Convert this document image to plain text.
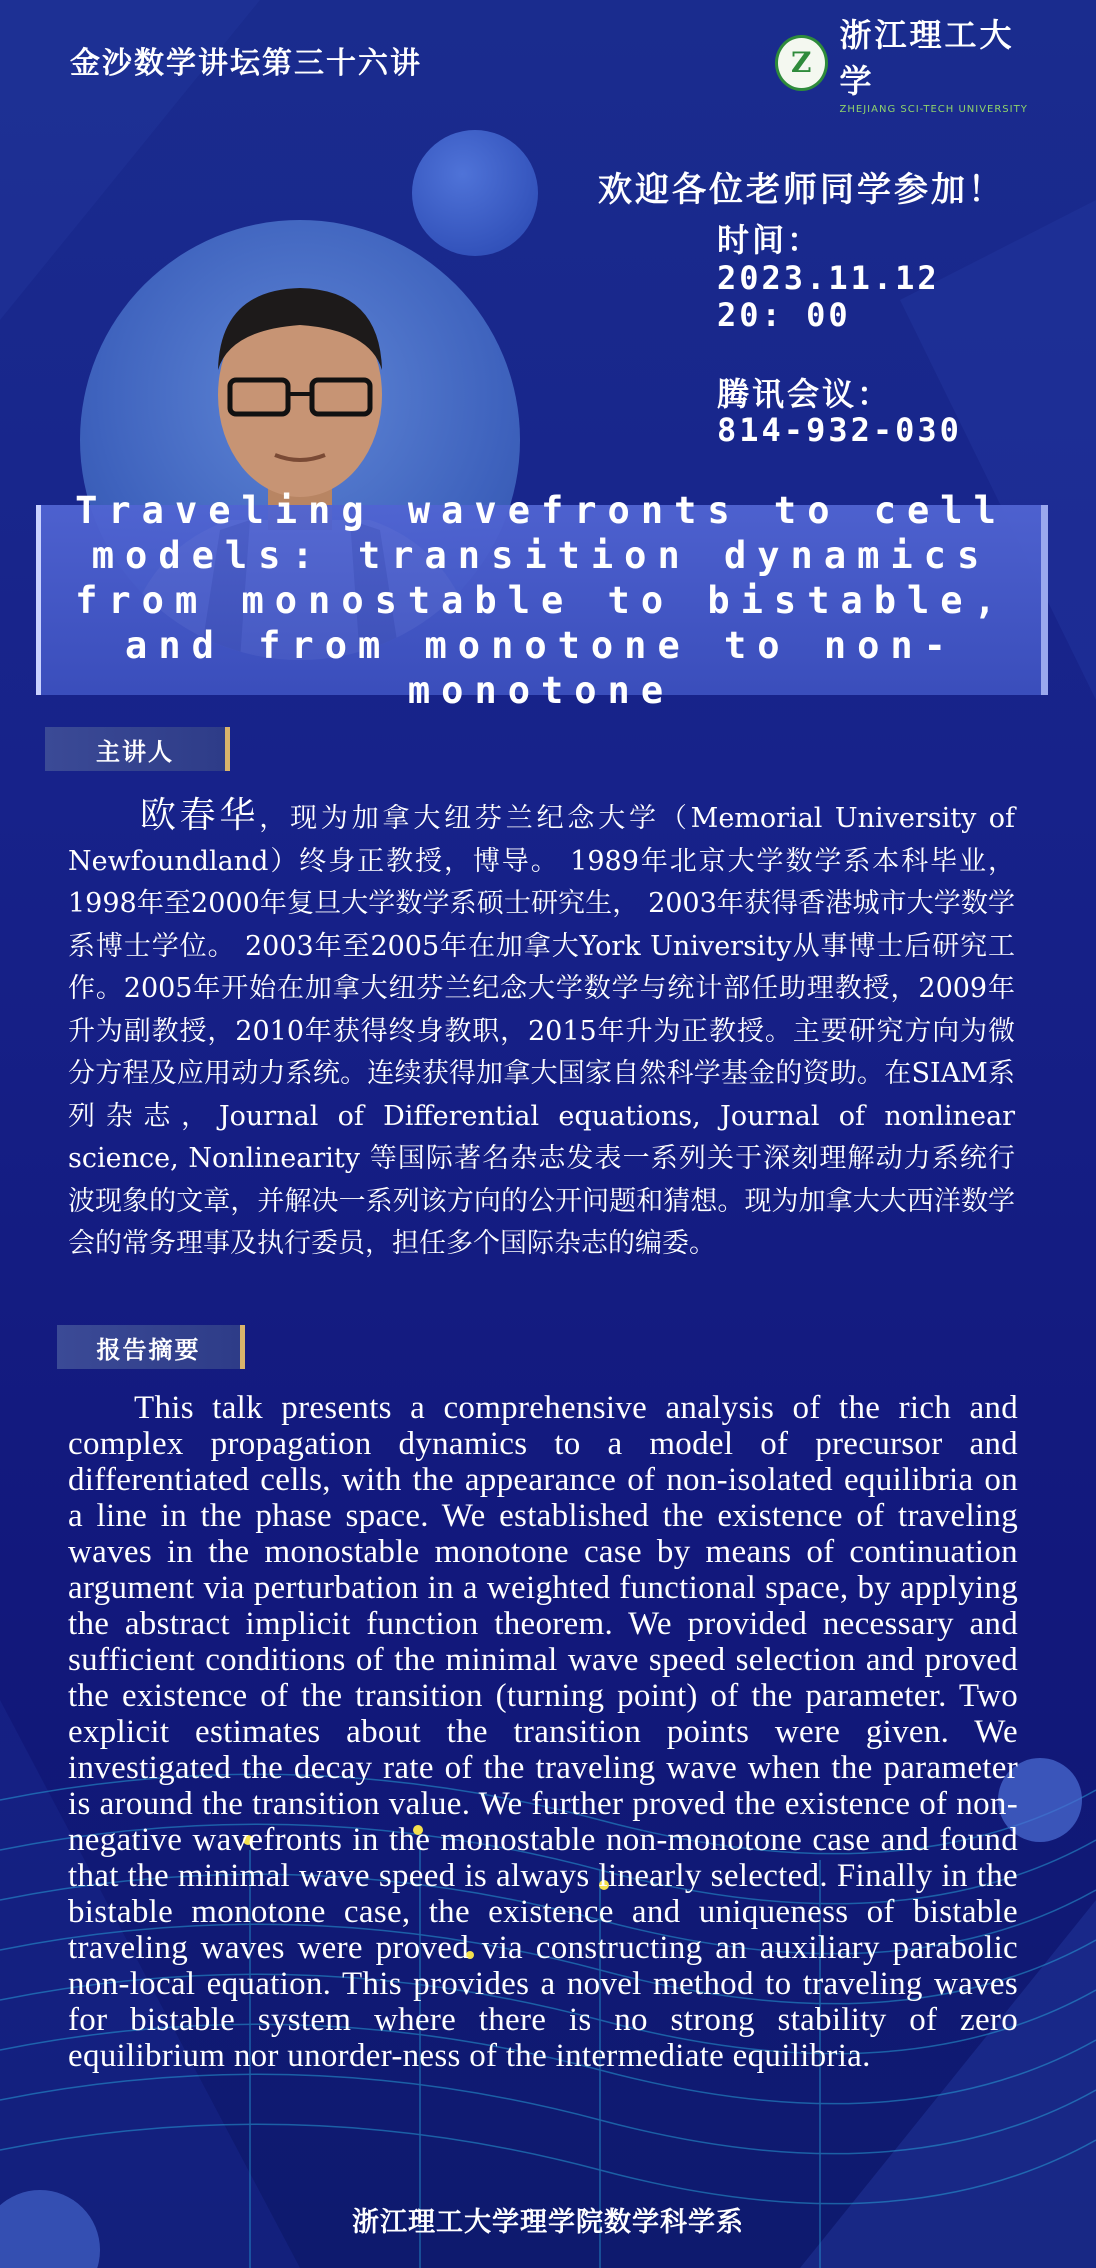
金沙数学讲坛第三十六讲	Z
浙江理工大学
ZHEJIANG SCI-TECH UNIVERSITY
欢迎各位老师同学参加！
时间：
2023.11.12
20: 00
腾讯会议：
814-932-030
Traveling wavefronts to cell models: transition dynamics from monostable to bistable, and from monotone to non-monotone
主讲人
欧春华，现为加拿大纽芬兰纪念大学（Memorial University of Newfoundland）终身正教授，博导。 1989年北京大学数学系本科毕业，1998年至2000年复旦大学数学系硕士研究生， 2003年获得香港城市大学数学系博士学位。 2003年至2005年在加拿大York University从事博士后研究工作。2005年开始在加拿大纽芬兰纪念大学数学与统计部任助理教授，2009年升为副教授，2010年获得终身教职，2015年升为正教授。主要研究方向为微分方程及应用动力系统。连续获得加拿大国家自然科学基金的资助。在SIAM系列杂志，Journal of Differential equations, Journal of nonlinear science, Nonlinearity 等国际著名杂志发表一系列关于深刻理解动力系统行波现象的文章，并解决一系列该方向的公开问题和猜想。现为加拿大大西洋数学会的常务理事及执行委员，担任多个国际杂志的编委。
报告摘要
This talk presents a comprehensive analysis of the rich and complex propagation dynamics to a model of precursor and differentiated cells, with the appearance of non-isolated equilibria on a line in the phase space. We established the existence of traveling waves in the monostable monotone case by means of continuation argument via perturbation in a weighted functional space, by applying the abstract implicit function theorem. We provided necessary and sufficient conditions of the minimal wave speed selection and proved the existence of the transition (turning point) of the parameter. Two explicit estimates about the transition points were given. We investigated the decay rate of the traveling wave when the parameter is around the transition value. We further proved the existence of non-negative wavefronts in the monostable non-monotone case and found that the minimal wave speed is always linearly selected. Finally in the bistable monotone case, the existence and uniqueness of bistable traveling waves were proved via constructing an auxiliary parabolic non-local equation. This provides a novel method to traveling waves for bistable system where there is no strong stability of zero equilibrium nor unorder-ness of the intermediate equilibria.
浙江理工大学理学院数学科学系
